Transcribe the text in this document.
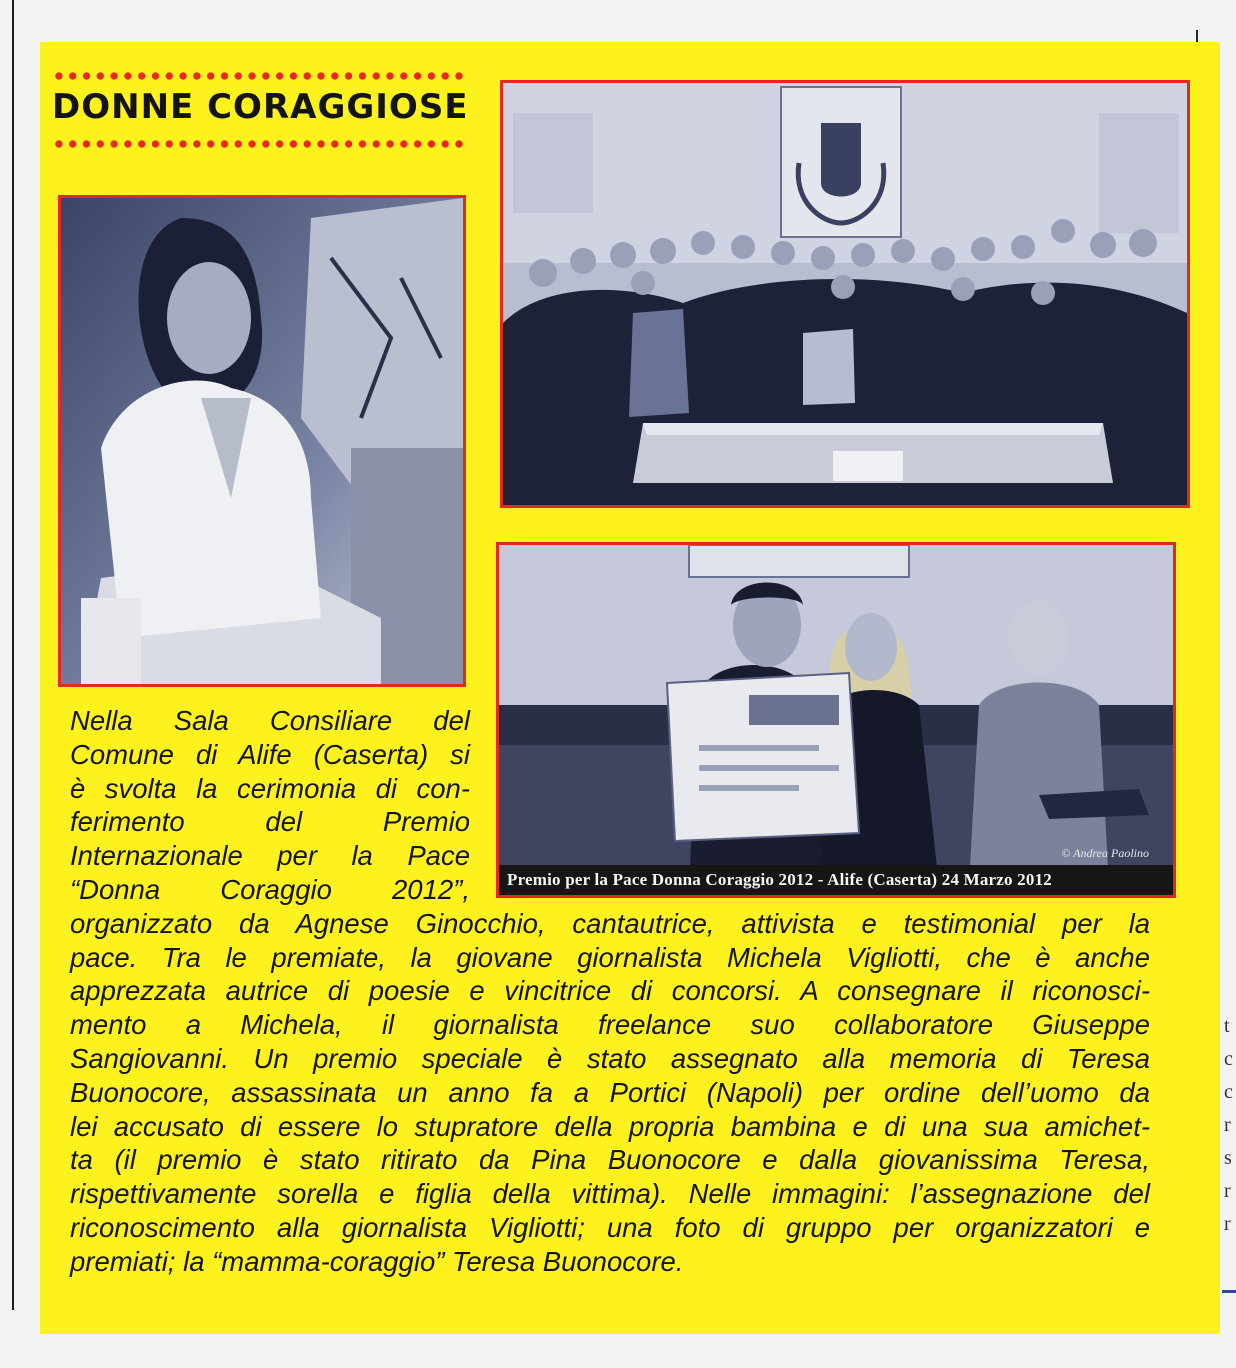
t
c
c
r
s
r
r
DONNE CORAGGIOSE
© Andrea Paolino
Premio per la Pace Donna Coraggio 2012 - Alife (Caserta) 24 Marzo 2012

Nella Sala Consiliare del
Comune di Alife (Caserta) si
è svolta la cerimonia di con-
ferimento del Premio
Internazionale per la Pace
“Donna Coraggio 2012”,
organizzato da Agnese Ginocchio, cantautrice, attivista e testimonial per la
pace. Tra le premiate, la giovane giornalista Michela Vigliotti, che è anche
apprezzata autrice di poesie e vincitrice di concorsi. A consegnare il riconosci-
mento a Michela, il giornalista freelance suo collaboratore Giuseppe
Sangiovanni. Un premio speciale è stato assegnato alla memoria di Teresa
Buonocore, assassinata un anno fa a Portici (Napoli) per ordine dell’uomo da
lei accusato di essere lo stupratore della propria bambina e di una sua amichet-
ta (il premio è stato ritirato da Pina Buonocore e dalla giovanissima Teresa,
rispettivamente sorella e figlia della vittima). Nelle immagini: l’assegnazione del
riconoscimento alla giornalista Vigliotti; una foto di gruppo per organizzatori e
premiati; la “mamma-coraggio” Teresa Buonocore.
